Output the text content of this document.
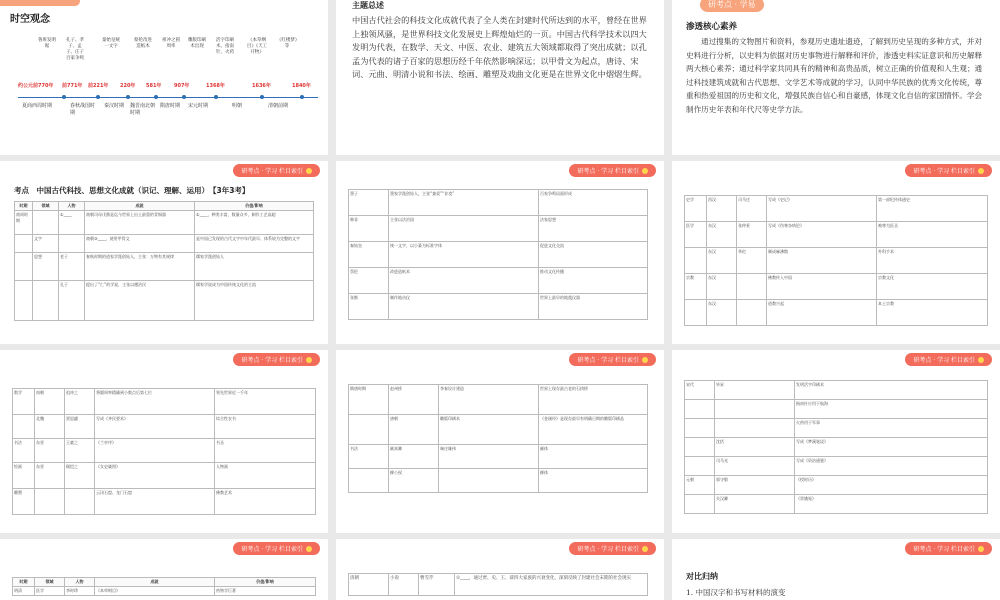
时空观念
鲁班发明锯
孔子、孝子、孟子、庄子百家争鸣
秦始皇统一文字
蔡伦改进造纸术
祖冲之圆周率
雕版印刷术出现
活字印刷术、指南针、火药
《本草纲目》《天工开物》
《红楼梦》等
约公元前770年 前771年 前221年 220年 581年	907年	1368年	1636年	1840年
夏商西周时期	春秋战国时期
秦汉时期 魏晋南北朝时期
隋唐时期 宋元时期	明朝	清朝前期
主题总述
中国古代社会的科技文化成就代表了全人类在封建时代所达到的水平，曾经在世界上独领风骚，是世界科技文化发展史上辉煌灿烂的一页。中国古代科学技术以四大发明为代表，在数学、天文、中医、农业、建筑五大领域都取得了突出成就；以孔孟为代表的诸子百家的思想历经千年依然影响深远；以甲骨文为起点，唐诗、宋词、元曲、明清小说和书法、绘画、雕塑及戏曲文化更是在世界文化中熠熠生辉。
研考点 · 学易
渗透核心素养
通过搜集的文物图片和资料，参观历史遗址遗迹，了解到历史呈现的多种方式，并对史料进行分析，以史料为依据对历史事物进行解释和评价，渗透史料实证意识和历史解释两大核心素养；通过科学家共同具有的精神和高贵品质，树立正确的价值观和人生观；通过科技建筑成就和古代思想、文学艺术等成就的学习，认同中华民族的优秀文化传统，尊重和热爱祖国的历史和文化，增强民族自信心和自豪感，体现文化自信的家国情怀。学会制作历史年表和年代尺等史学方法。
研考点 · 学习 栏目索引
考点　中国古代科技、思想文化成就（识记、理解、运用）　【3年3考】
时期	领域	人物	成就	价值/影响
商周时期		①____	商朝司母戊鼎是迄今世界上出土最重的青铜器	①____，种类丰富，数量众多，制作工艺高超
	文字		商朝③____，使用甲骨文	是中国已发现的古代文字中年代最早、体系较为完整的文字
	思想	老子	春秋时期的道家学派创始人，主张：万物有其规律	儒家学派创始人
		孔子	提出了“仁”的学说，主张以德治民	儒家学说成为中国传统文化的主流
研考点 · 学习 栏目索引
墨子	墨家学派创始人，主张“兼爱”“非攻”	百家争鸣局面形成
韩非	主张以法治国	法家思想
秦始皇	统一文字，以小篆为标准字体	促进文化交流
蔡伦	改进造纸术	推动文化传播
张衡	制作地动仪	世界上最早的地震仪器
研考点 · 学习 栏目索引
史学	西汉	司马迁	写成《史记》	第一部纪传体通史
医学	东汉	张仲景	写成《伤寒杂病论》	被尊为医圣
	东汉	华佗	制成麻沸散	外科手术
宗教	东汉		佛教传入中国	宗教文化
	东汉		道教兴起	本土宗教
研考点 · 学习 栏目索引
数学	南朝	祖冲之	将圆周率精确到小数点后第七位	领先世界近一千年
	北魏	贾思勰	写成《齐民要术》	综合性农书
书法	东晋	王羲之	《兰亭序》	书圣
绘画	东晋	顾恺之	《女史箴图》	人物画
雕塑			云冈石窟、龙门石窟	佛教艺术
研考点 · 学习 栏目索引
隋唐时期	赵州桥	李春设计建造	世界上现存最古老的石拱桥
	唐朝	雕版印刷术	《金刚经》是现存最早有明确日期的雕版印刷品
书法	颜真卿	端庄雄伟	颜体
	柳公权		柳体
研考点 · 学习 栏目索引
宋代	毕昇	发明活字印刷术
		指南针应用于航海
		火药用于军事
	沈括	写成《梦溪笔谈》
	司马光	写成《资治通鉴》
元朝	郭守敬	《授时历》
	关汉卿	《窦娥冤》
研考点 · 学习 栏目索引
时期	领域	人物	成就	价值/影响
明清	医学	李时珍	《本草纲目》	药物学巨著
研考点 · 学习 栏目索引
清朝	小说	曹雪芹	①____，通过贾、史、王、薛四大家族的兴衰变化，深刻反映了封建社会末期的社会现实
研考点 · 学习 栏目索引
对比归纳
1. 中国汉字和书写材料的演变
